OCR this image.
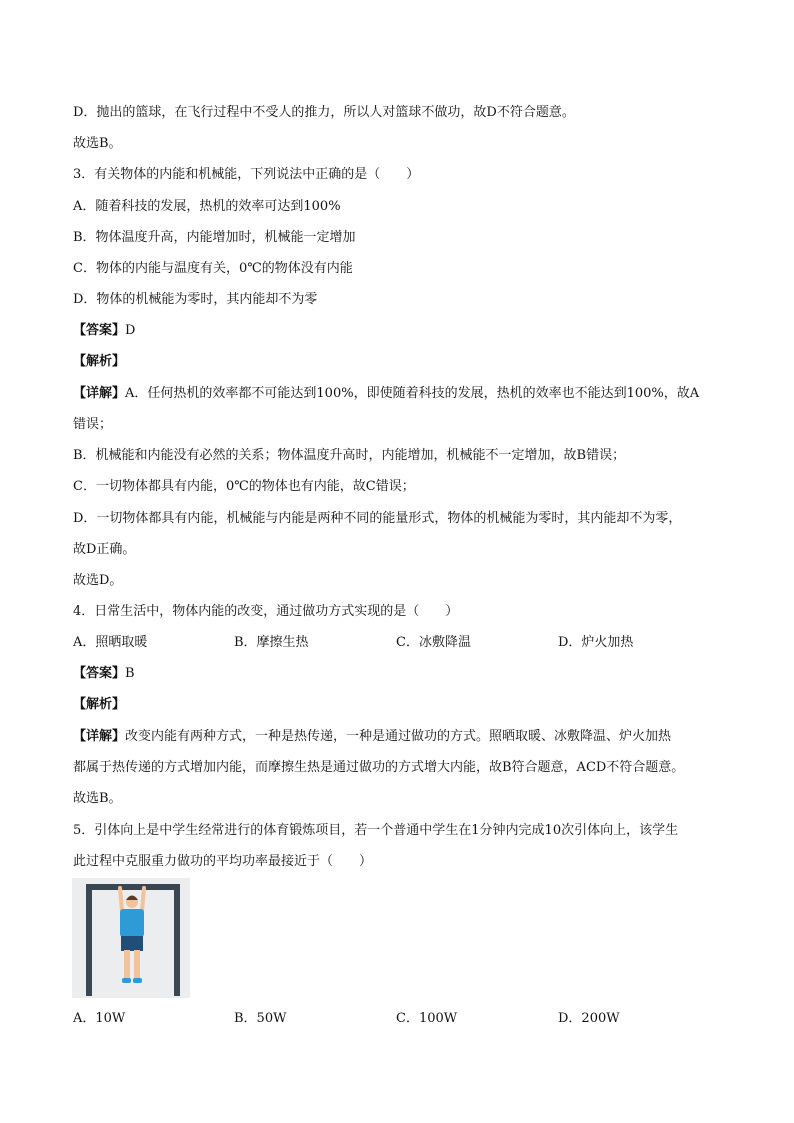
D．抛出的篮球，在飞行过程中不受人的推力，所以人对篮球不做功，故D不符合题意。
故选B。
3．有关物体的内能和机械能，下列说法中正确的是（　　）
A．随着科技的发展，热机的效率可达到100%
B．物体温度升高，内能增加时，机械能一定增加
C．物体的内能与温度有关，0℃的物体没有内能
D．物体的机械能为零时，其内能却不为零
【答案】D
【解析】
【详解】A．任何热机的效率都不可能达到100%，即使随着科技的发展，热机的效率也不能达到100%，故A
错误；
B．机械能和内能没有必然的关系；物体温度升高时，内能增加，机械能不一定增加，故B错误；
C．一切物体都具有内能，0℃的物体也有内能，故C错误；
D．一切物体都具有内能，机械能与内能是两种不同的能量形式，物体的机械能为零时，其内能却不为零，
故D正确。
故选D。
4．日常生活中，物体内能的改变，通过做功方式实现的是（　　）
A．照晒取暖	B．摩擦生热	C．冰敷降温	D．炉火加热
【答案】B
【解析】
【详解】改变内能有两种方式，一种是热传递，一种是通过做功的方式。照晒取暖、冰敷降温、炉火加热
都属于热传递的方式增加内能，而摩擦生热是通过做功的方式增大内能，故B符合题意，ACD不符合题意。
故选B。
5．引体向上是中学生经常进行的体育锻炼项目，若一个普通中学生在1分钟内完成10次引体向上，该学生
此过程中克服重力做功的平均功率最接近于（　　）
A．10W	B．50W	C．100W	D．200W
